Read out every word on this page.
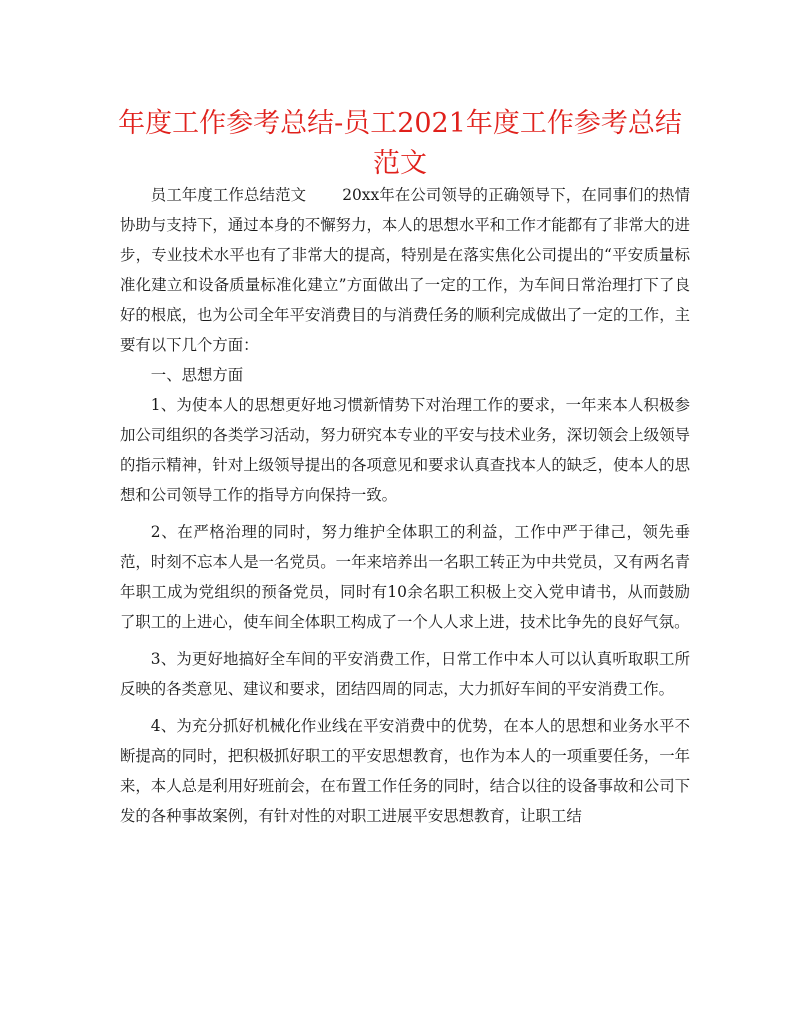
年度工作参考总结-员工2021年度工作参考总结范文

员工年度工作总结范文 20xx年在公司领导的正确领导下，在同事们的热情协助与支持下，通过本身的不懈努力，本人的思想水平和工作才能都有了非常大的进步，专业技术水平也有了非常大的提高，特别是在落实焦化公司提出的“平安质量标准化建立和设备质量标准化建立”方面做出了一定的工作，为车间日常治理打下了良好的根底，也为公司全年平安消费目的与消费任务的顺利完成做出了一定的工作，主要有以下几个方面：

一、思想方面

1、为使本人的思想更好地习惯新情势下对治理工作的要求，一年来本人积极参加公司组织的各类学习活动，努力研究本专业的平安与技术业务，深切领会上级领导的指示精神，针对上级领导提出的各项意见和要求认真查找本人的缺乏，使本人的思想和公司领导工作的指导方向保持一致。

2、在严格治理的同时，努力维护全体职工的利益，工作中严于律己，领先垂范，时刻不忘本人是一名党员。一年来培养出一名职工转正为中共党员，又有两名青年职工成为党组织的预备党员，同时有10余名职工积极上交入党申请书，从而鼓励了职工的上进心，使车间全体职工构成了一个人人求上进，技术比争先的良好气氛。

3、为更好地搞好全车间的平安消费工作，日常工作中本人可以认真听取职工所反映的各类意见、建议和要求，团结四周的同志，大力抓好车间的平安消费工作。

4、为充分抓好机械化作业线在平安消费中的优势，在本人的思想和业务水平不断提高的同时，把积极抓好职工的平安思想教育，也作为本人的一项重要任务，一年来，本人总是利用好班前会，在布置工作任务的同时，结合以往的设备事故和公司下发的各种事故案例，有针对性的对职工进展平安思想教育，让职工结
